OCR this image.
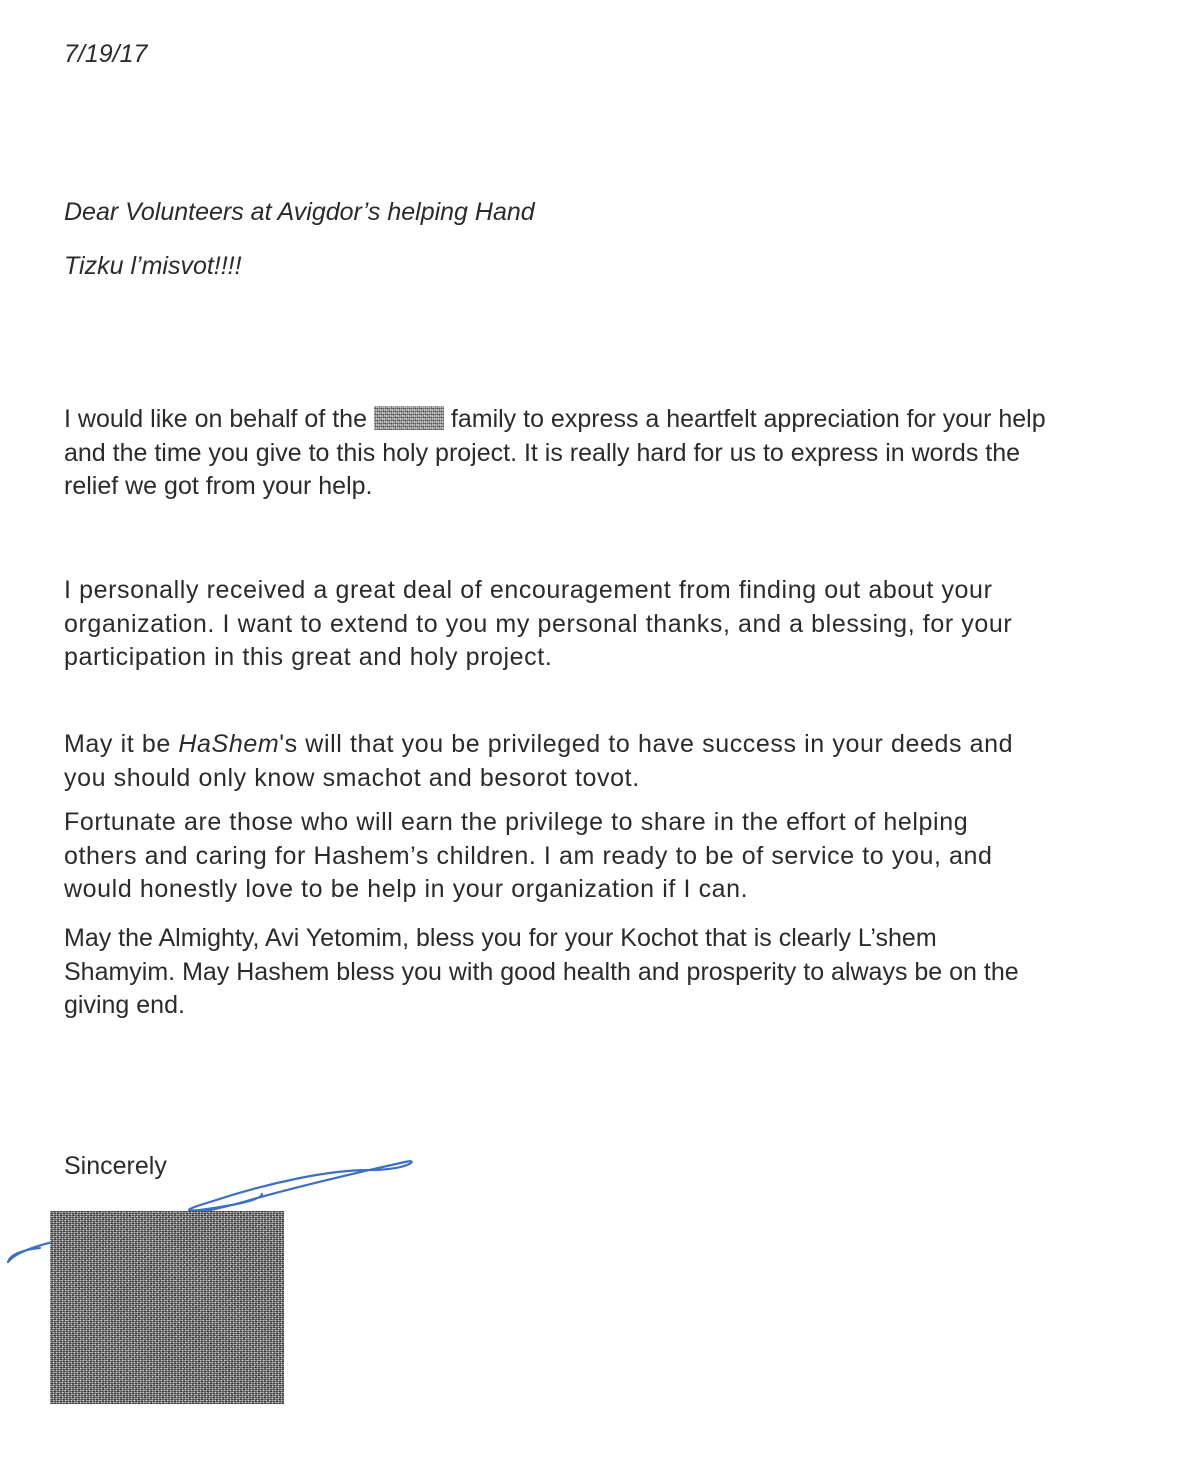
7/19/17
Dear Volunteers at Avigdor’s helping Hand
Tizku l’misvot!!!!
I would like on behalf of the	family to express a heartfelt appreciation for your help
and the time you give to this holy project. It is really hard for us to express in words the
relief we got from your help.
I personally received a great deal of encouragement from finding out about your
organization. I want to extend to you my personal thanks, and a blessing, for your
participation in this great and holy project.
May it be HaShem's will that you be privileged to have success in your deeds and
you should only know smachot and besorot tovot.
Fortunate are those who will earn the privilege to share in the effort of helping
others and caring for Hashem’s children. I am ready to be of service to you, and
would honestly love to be help in your organization if I can.
May the Almighty, Avi Yetomim, bless you for your Kochot that is clearly L’shem
Shamyim. May Hashem bless you with good health and prosperity to always be on the
giving end.
Sincerely
